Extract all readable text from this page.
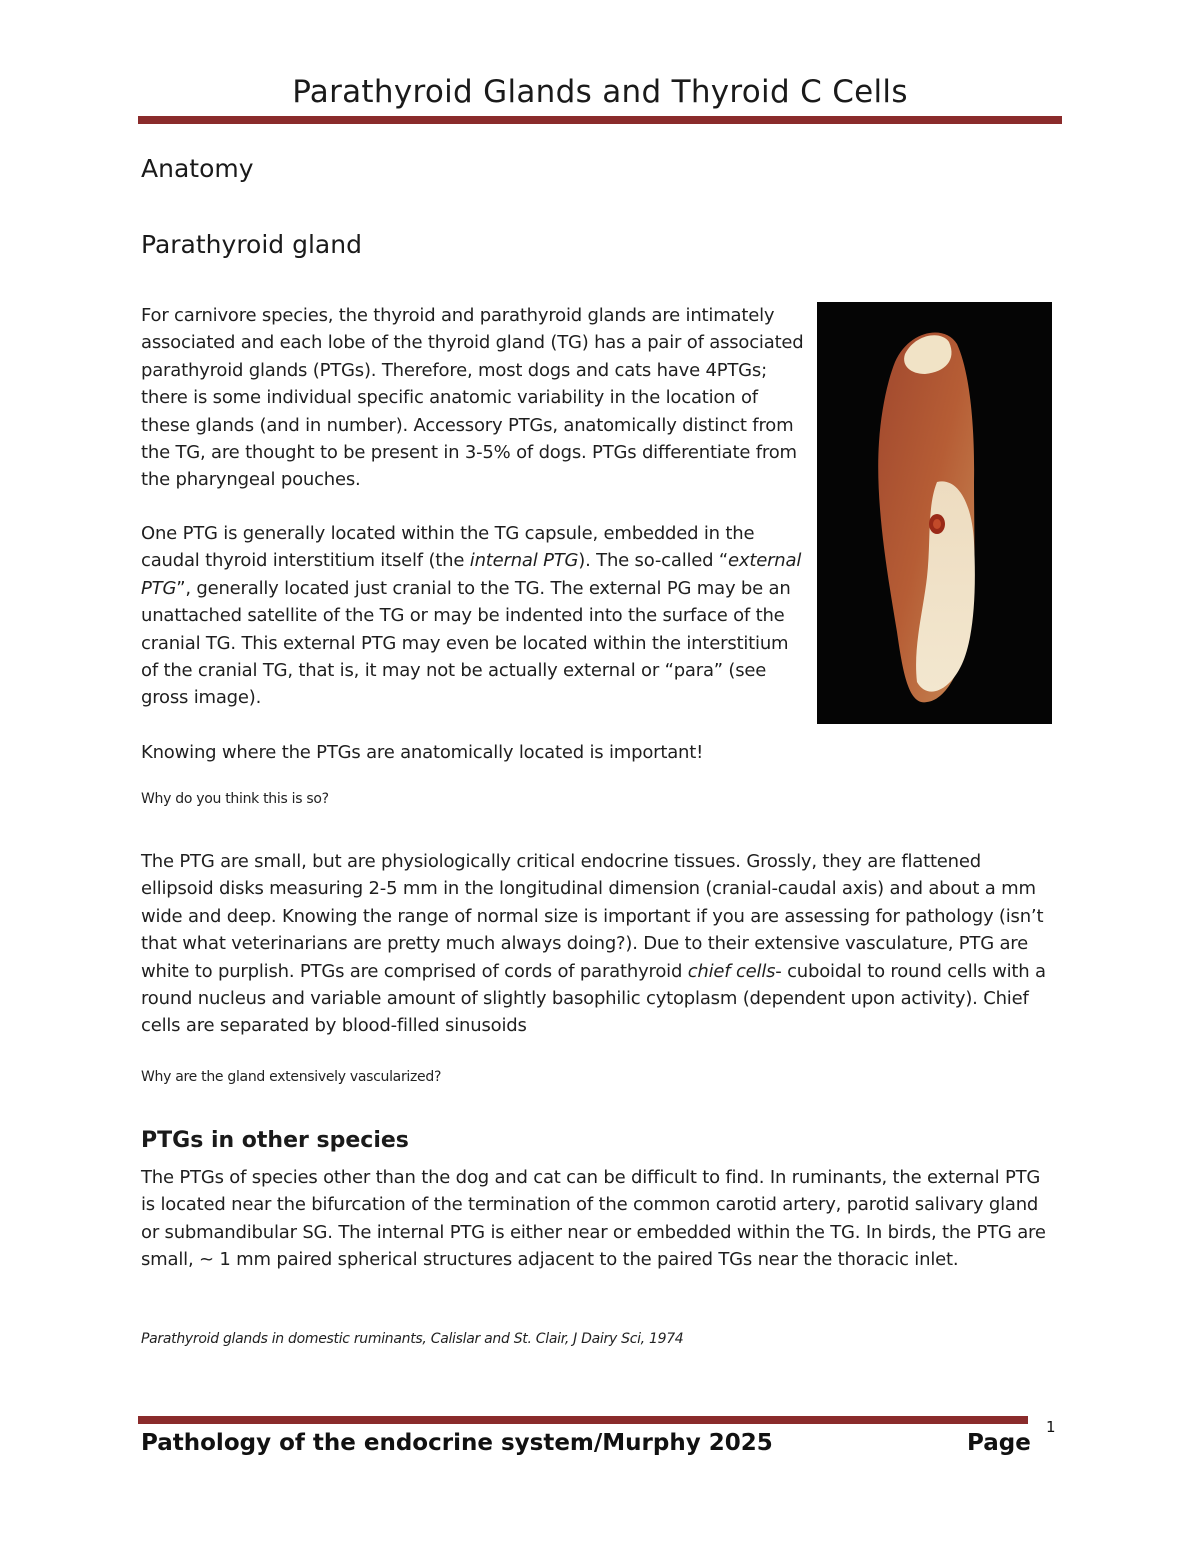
Parathyroid Glands and Thyroid C Cells
Anatomy
Parathyroid gland

For carnivore species, the thyroid and parathyroid glands are intimately associated and each lobe of the thyroid gland (TG) has a pair of associated parathyroid glands (PTGs). Therefore, most dogs and cats have 4PTGs; there is some individual specific anatomic variability in the location of these glands (and in number). Accessory PTGs, anatomically distinct from the TG, are thought to be present in 3-5% of dogs. PTGs differentiate from the pharyngeal pouches.

One PTG is generally located within the TG capsule, embedded in the caudal thyroid interstitium itself (the internal PTG). The so-called “external PTG”, generally located just cranial to the TG. The external PG may be an unattached satellite of the TG or may be indented into the surface of the cranial TG. This external PTG may even be located within the interstitium of the cranial TG, that is, it may not be actually external or “para” (see gross image).

Knowing where the PTGs are anatomically located is important!

Why do you think this is so?

The PTG are small, but are physiologically critical endocrine tissues. Grossly, they are flattened ellipsoid disks measuring 2-5 mm in the longitudinal dimension (cranial-caudal axis) and about a mm wide and deep. Knowing the range of normal size is important if you are assessing for pathology (isn’t that what veterinarians are pretty much always doing?). Due to their extensive vasculature, PTG are white to purplish. PTGs are comprised of cords of parathyroid chief cells- cuboidal to round cells with a round nucleus and variable amount of slightly basophilic cytoplasm (dependent upon activity). Chief cells are separated by blood-filled sinusoids

Why are the gland extensively vascularized?
PTGs in other species

The PTGs of species other than the dog and cat can be difficult to find. In ruminants, the external PTG is located near the bifurcation of the termination of the common carotid artery, parotid salivary gland or submandibular SG. The internal PTG is either near or embedded within the TG. In birds, the PTG are small, ~ 1 mm paired spherical structures adjacent to the paired TGs near the thoracic inlet.

Parathyroid glands in domestic ruminants, Calislar and St. Clair, J Dairy Sci, 1974
Pathology of the endocrine system/Murphy 2025	Page
1
